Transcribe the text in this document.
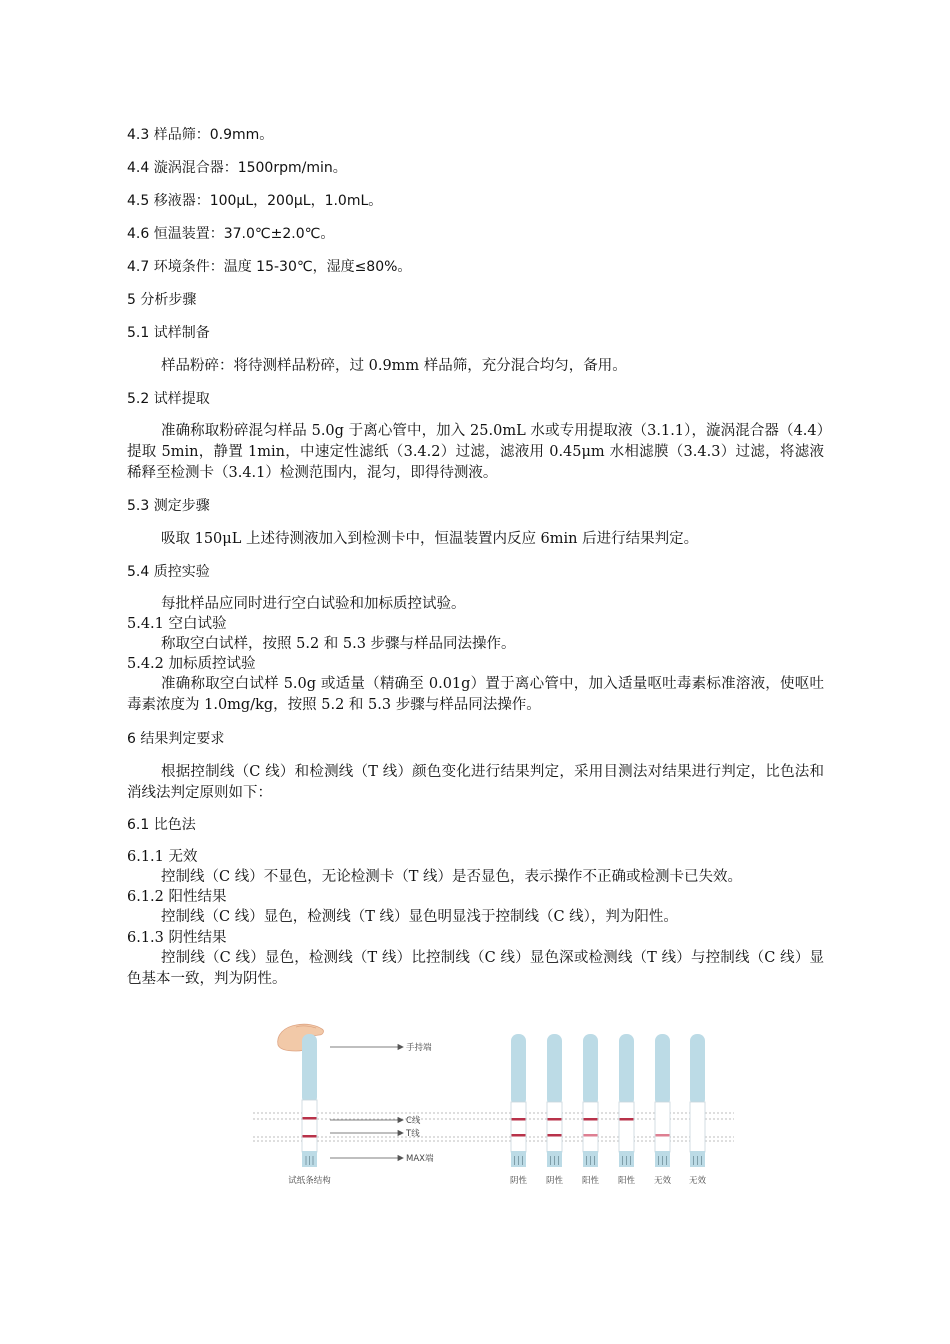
4.3 样品筛：0.9mm。
4.4 漩涡混合器：1500rpm/min。
4.5 移液器：100μL，200μL，1.0mL。
4.6 恒温装置：37.0℃±2.0℃。
4.7 环境条件：温度 15-30℃，湿度≤80%。
5 分析步骤
5.1 试样制备
样品粉碎：将待测样品粉碎，过 0.9mm 样品筛，充分混合均匀，备用。
5.2 试样提取
准确称取粉碎混匀样品 5.0g 于离心管中，加入 25.0mL 水或专用提取液（3.1.1），漩涡混合器（4.4）提取 5min，静置 1min，中速定性滤纸（3.4.2）过滤，滤液用 0.45μm 水相滤膜（3.4.3）过滤，将滤液稀释至检测卡（3.4.1）检测范围内，混匀，即得待测液。
5.3 测定步骤
吸取 150μL 上述待测液加入到检测卡中，恒温装置内反应 6min 后进行结果判定。
5.4 质控实验
每批样品应同时进行空白试验和加标质控试验。
5.4.1 空白试验
称取空白试样，按照 5.2 和 5.3 步骤与样品同法操作。
5.4.2 加标质控试验
准确称取空白试样 5.0g 或适量（精确至 0.01g）置于离心管中，加入适量呕吐毒素标准溶液，使呕吐毒素浓度为 1.0mg/kg，按照 5.2 和 5.3 步骤与样品同法操作。
6 结果判定要求
根据控制线（C 线）和检测线（T 线）颜色变化进行结果判定，采用目测法对结果进行判定，比色法和消线法判定原则如下：
6.1 比色法
6.1.1 无效
控制线（C 线）不显色，无论检测卡（T 线）是否显色，表示操作不正确或检测卡已失效。
6.1.2 阳性结果
控制线（C 线）显色，检测线（T 线）显色明显浅于控制线（C 线），判为阳性。
6.1.3 阴性结果
控制线（C 线）显色，检测线（T 线）比控制线（C 线）显色深或检测线（T 线）与控制线（C 线）显色基本一致，判为阴性。
手持端
C线
T线
MAX端
试纸条结构	阴性 阴性 阳性 阳性 无效 无效
